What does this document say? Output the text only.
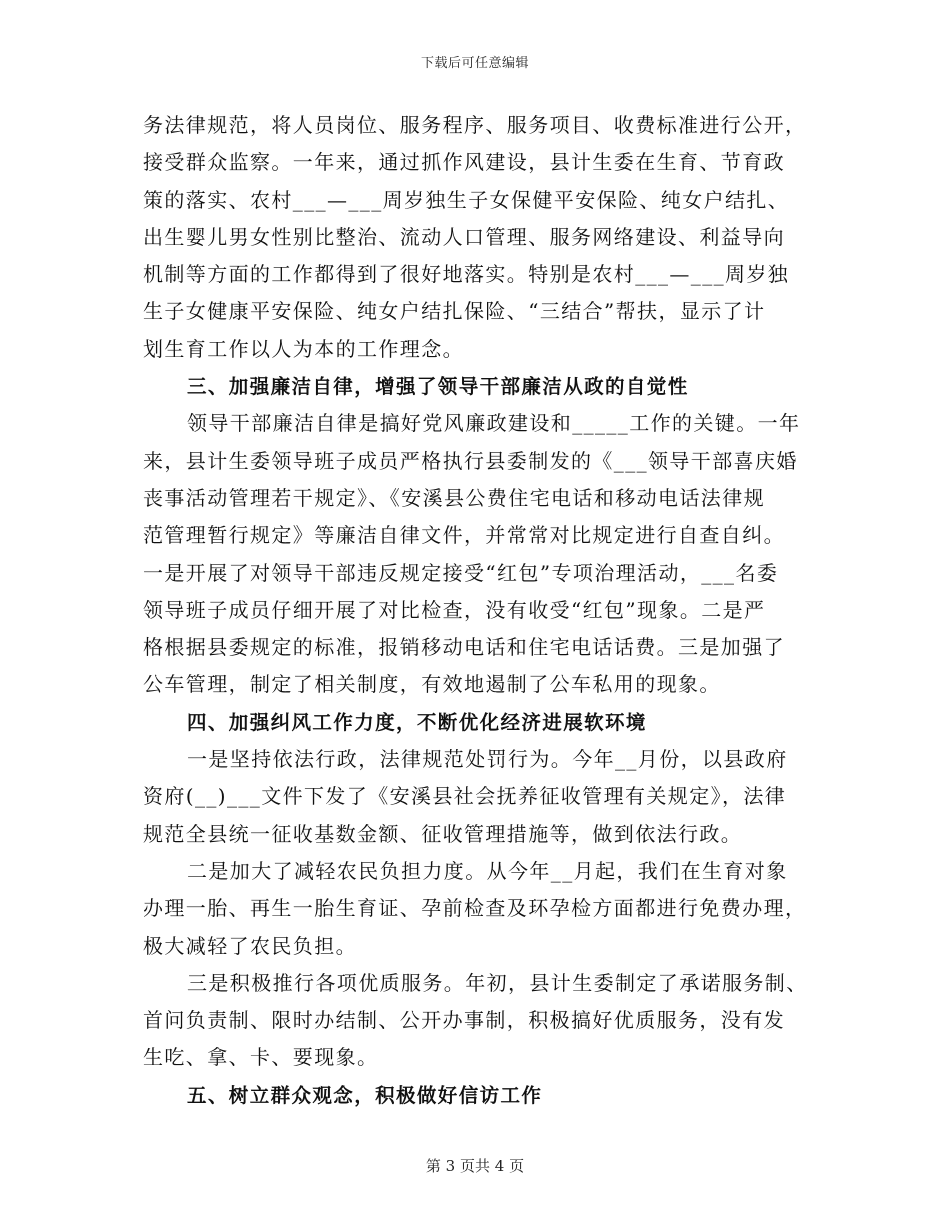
下载后可任意编辑
务法律规范，将人员岗位、服务程序、服务项目、收费标准进行公开，
接受群众监察。一年来，通过抓作风建设，县计生委在生育、节育政
策的落实、农村___—___周岁独生子女保健平安保险、纯女户结扎、
出生婴儿男女性别比整治、流动人口管理、服务网络建设、利益导向
机制等方面的工作都得到了很好地落实。特别是农村___—___周岁独
生子女健康平安保险、纯女户结扎保险、“三结合”帮扶，显示了计
划生育工作以人为本的工作理念。
三、加强廉洁自律，增强了领导干部廉洁从政的自觉性
领导干部廉洁自律是搞好党风廉政建设和_____工作的关键。一年
来，县计生委领导班子成员严格执行县委制发的《___领导干部喜庆婚
丧事活动管理若干规定》、《安溪县公费住宅电话和移动电话法律规
范管理暂行规定》等廉洁自律文件，并常常对比规定进行自查自纠。
一是开展了对领导干部违反规定接受“红包”专项治理活动，___名委
领导班子成员仔细开展了对比检查，没有收受“红包”现象。二是严
格根据县委规定的标准，报销移动电话和住宅电话话费。三是加强了
公车管理，制定了相关制度，有效地遏制了公车私用的现象。
四、加强纠风工作力度，不断优化经济进展软环境
一是坚持依法行政，法律规范处罚行为。今年__月份，以县政府
资府(__)___文件下发了《安溪县社会抚养征收管理有关规定》，法律
规范全县统一征收基数金额、征收管理措施等，做到依法行政。
二是加大了减轻农民负担力度。从今年__月起，我们在生育对象
办理一胎、再生一胎生育证、孕前检查及环孕检方面都进行免费办理，
极大减轻了农民负担。
三是积极推行各项优质服务。年初，县计生委制定了承诺服务制、
首问负责制、限时办结制、公开办事制，积极搞好优质服务，没有发
生吃、拿、卡、要现象。
五、树立群众观念，积极做好信访工作
第 3 页共 4 页
